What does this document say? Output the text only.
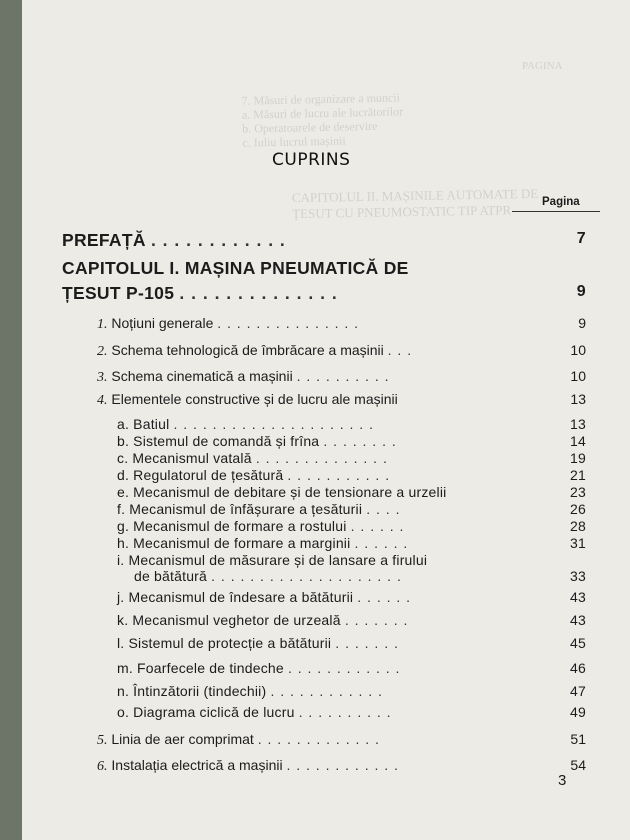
PAGINA
7. Măsuri de organizare a muncii
a. Măsuri de lucru ale lucrătorilor
b. Operatoarele de deservire
c. Iuliu lucrul mașinii
CAPITOLUL II. MAȘINILE AUTOMATE DE
ȚESUT CU PNEUMOSTATIC TIP ATPR
CUPRINS
Pagina
PREFAȚĂ . . . . . . . . . . . .	7
CAPITOLUL I. MAȘINA PNEUMATICĂ DE
ȚESUT P-105 . . . . . . . . . . . . . .	9
1. Noțiuni generale . . . . . . . . . . . . . . .	9
2. Schema tehnologică de îmbrăcare a mașinii . . .	10
3. Schema cinematică a mașinii . . . . . . . . . .	10
4. Elementele constructive și de lucru ale mașinii	13
a. Batiul . . . . . . . . . . . . . . . . . . . . .	13
b. Sistemul de comandă și frîna . . . . . . . .	14
c. Mecanismul vatală . . . . . . . . . . . . . .	19
d. Regulatorul de țesătură . . . . . . . . . . .	21
e. Mecanismul de debitare și de tensionare a urzelii	23
f. Mecanismul de înfășurare a țesăturii . . . .	26
g. Mecanismul de formare a rostului . . . . . .	28
h. Mecanismul de formare a marginii . . . . . .	31
i. Mecanismul de măsurare și de lansare a firului
de bătătură . . . . . . . . . . . . . . . . . . . .	33
j. Mecanismul de îndesare a bătăturii . . . . . .	43
k. Mecanismul veghetor de urzeală . . . . . . .	43
l. Sistemul de protecție a bătăturii . . . . . . .	45
m. Foarfecele de tindeche . . . . . . . . . . . .	46
n. Întinzătorii (tindechii) . . . . . . . . . . . .	47
o. Diagrama ciclică de lucru . . . . . . . . . .	49
5. Linia de aer comprimat . . . . . . . . . . . . .	51
6. Instalația electrică a mașinii . . . . . . . . . . . .	54
3
